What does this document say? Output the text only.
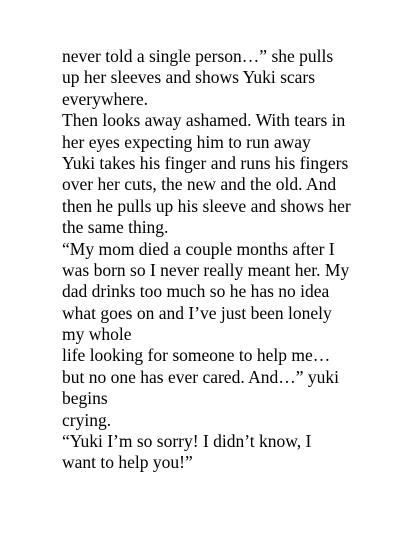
never told a single person…” she pulls
up her sleeves and shows Yuki scars
everywhere.
Then looks away ashamed. With tears in
her eyes expecting him to run away
Yuki takes his finger and runs his fingers
over her cuts, the new and the old. And
then he pulls up his sleeve and shows her
the same thing.
“My mom died a couple months after I
was born so I never really meant her. My
dad drinks too much so he has no idea
what goes on and I’ve just been lonely
my whole
life looking for someone to help me…
but no one has ever cared. And…” yuki
begins
crying.
“Yuki I’m so sorry! I didn’t know, I
want to help you!”
